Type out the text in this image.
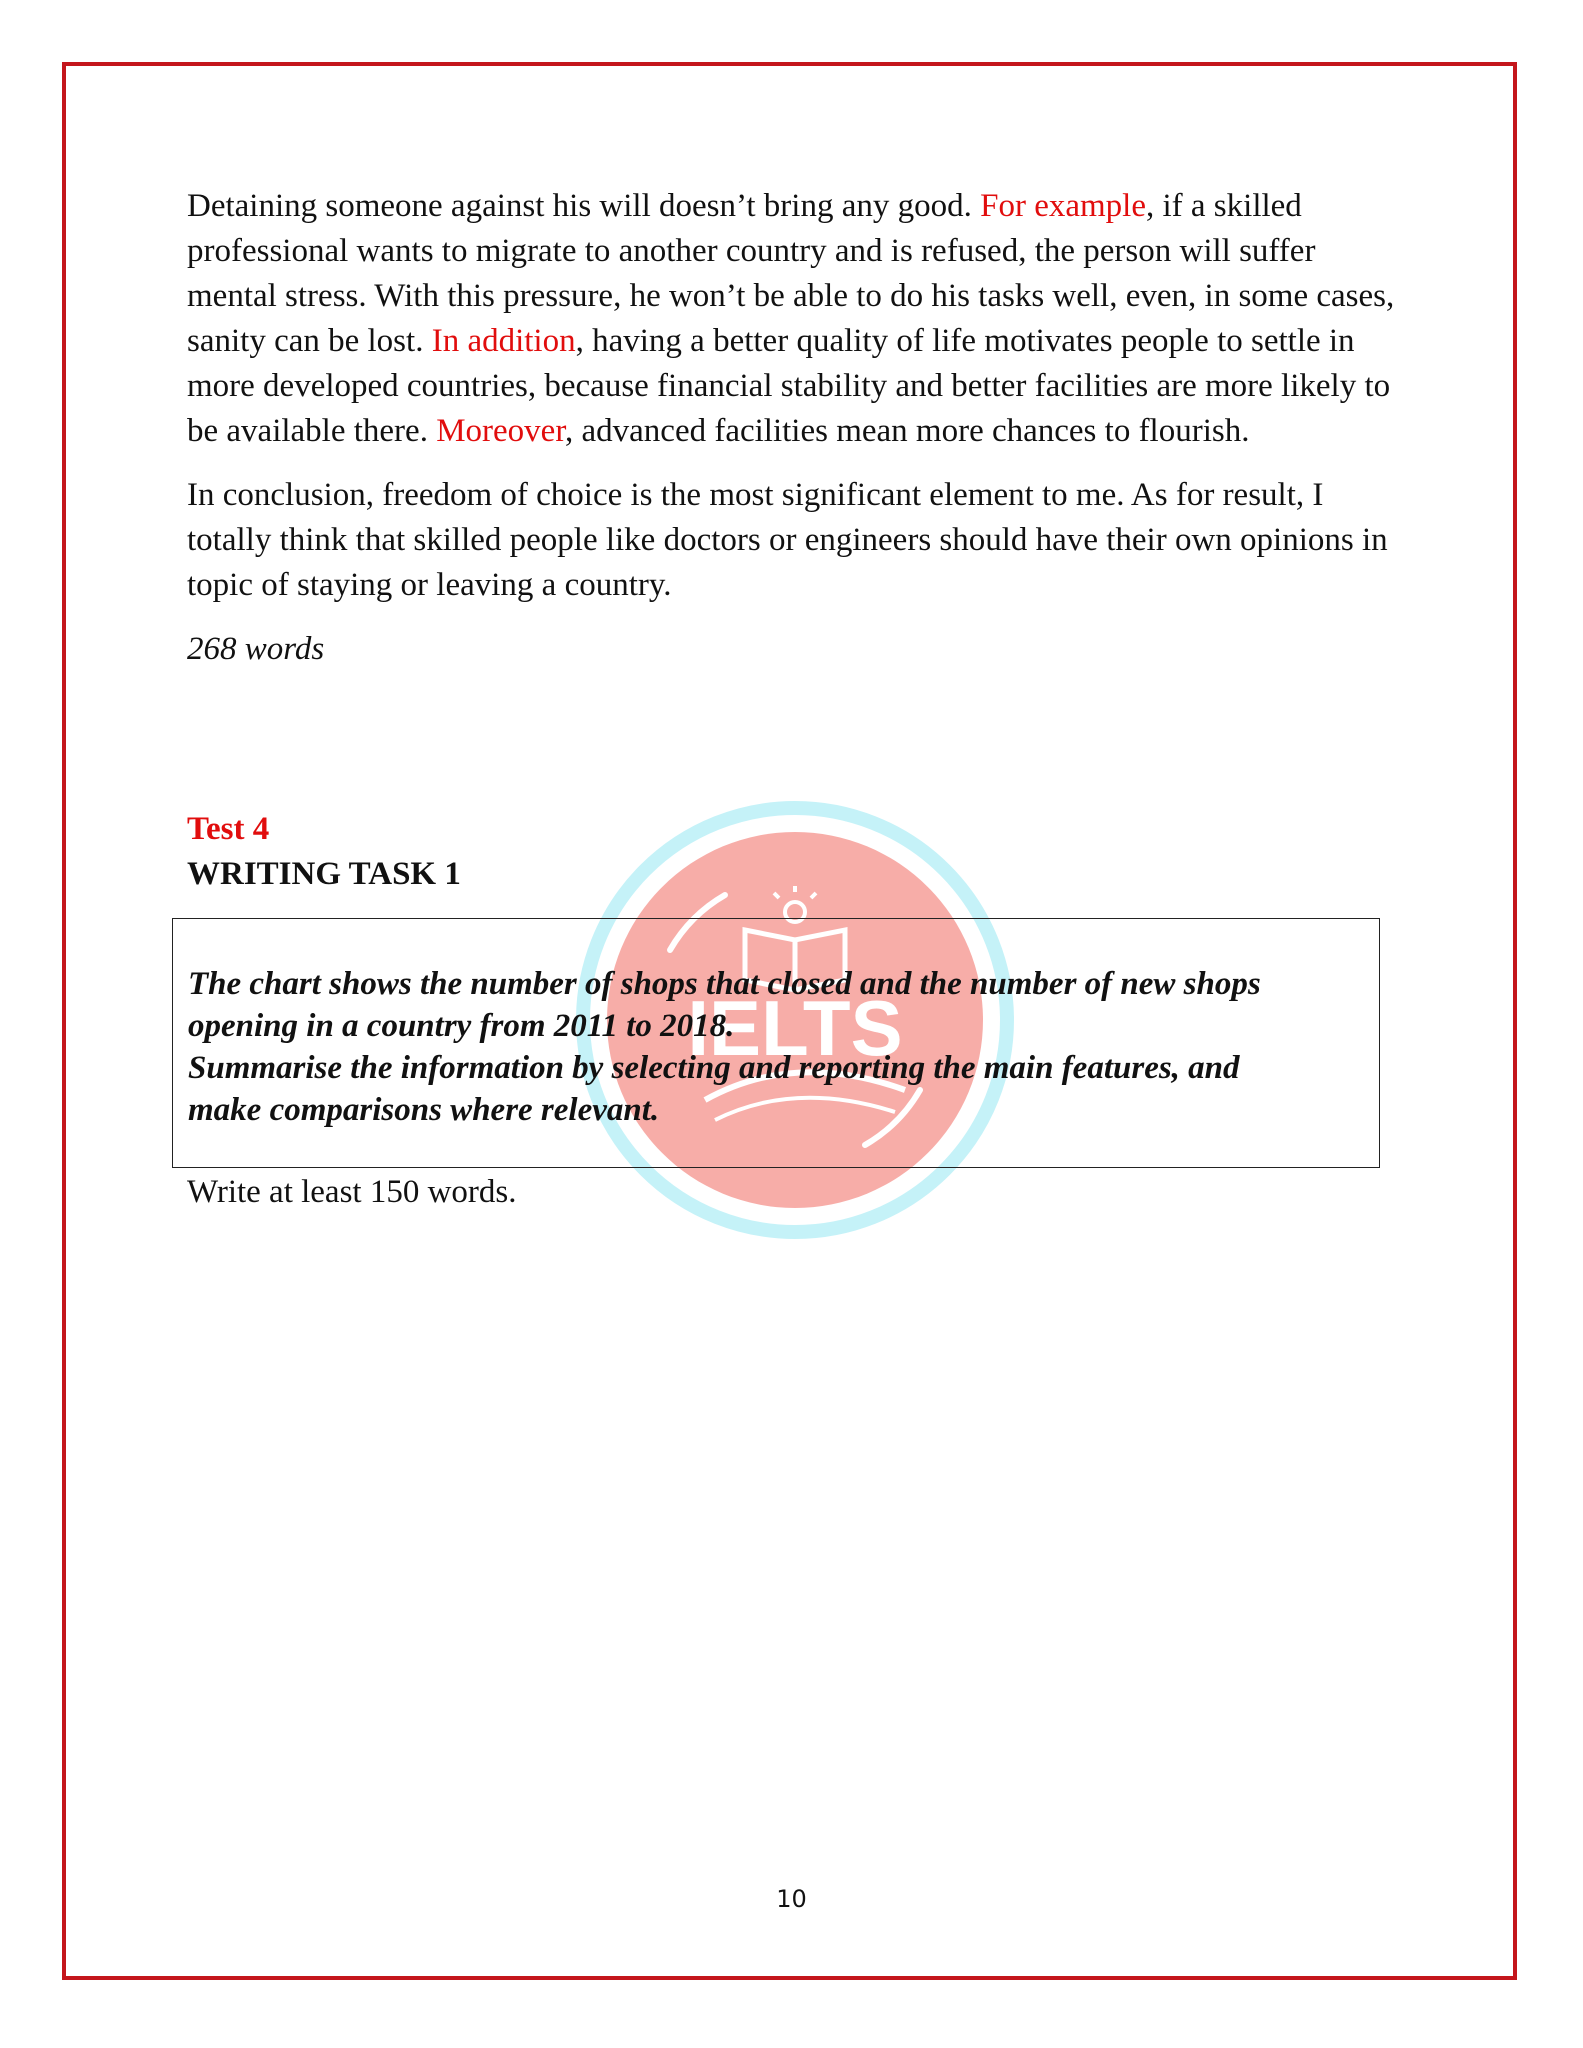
IELTS

Detaining someone against his will doesn’t bring any good. For example, if a skilled professional wants to migrate to another country and is refused, the person will suffer mental stress. With this pressure, he won’t be able to do his tasks well, even, in some cases, sanity can be lost. In addition, having a better quality of life motivates people to settle in more developed countries, because financial stability and better facilities are more likely to be available there. Moreover, advanced facilities mean more chances to flourish.

In conclusion, freedom of choice is the most significant element to me. As for result, I totally think that skilled people like doctors or engineers should have their own opinions in topic of staying or leaving a country.

268 words

Test 4
WRITING TASK 1

The chart shows the number of shops that closed and the number of new shops

opening in a country from 2011 to 2018.

Summarise the information by selecting and reporting the main features, and

make comparisons where relevant.

Write at least 150 words.
10
